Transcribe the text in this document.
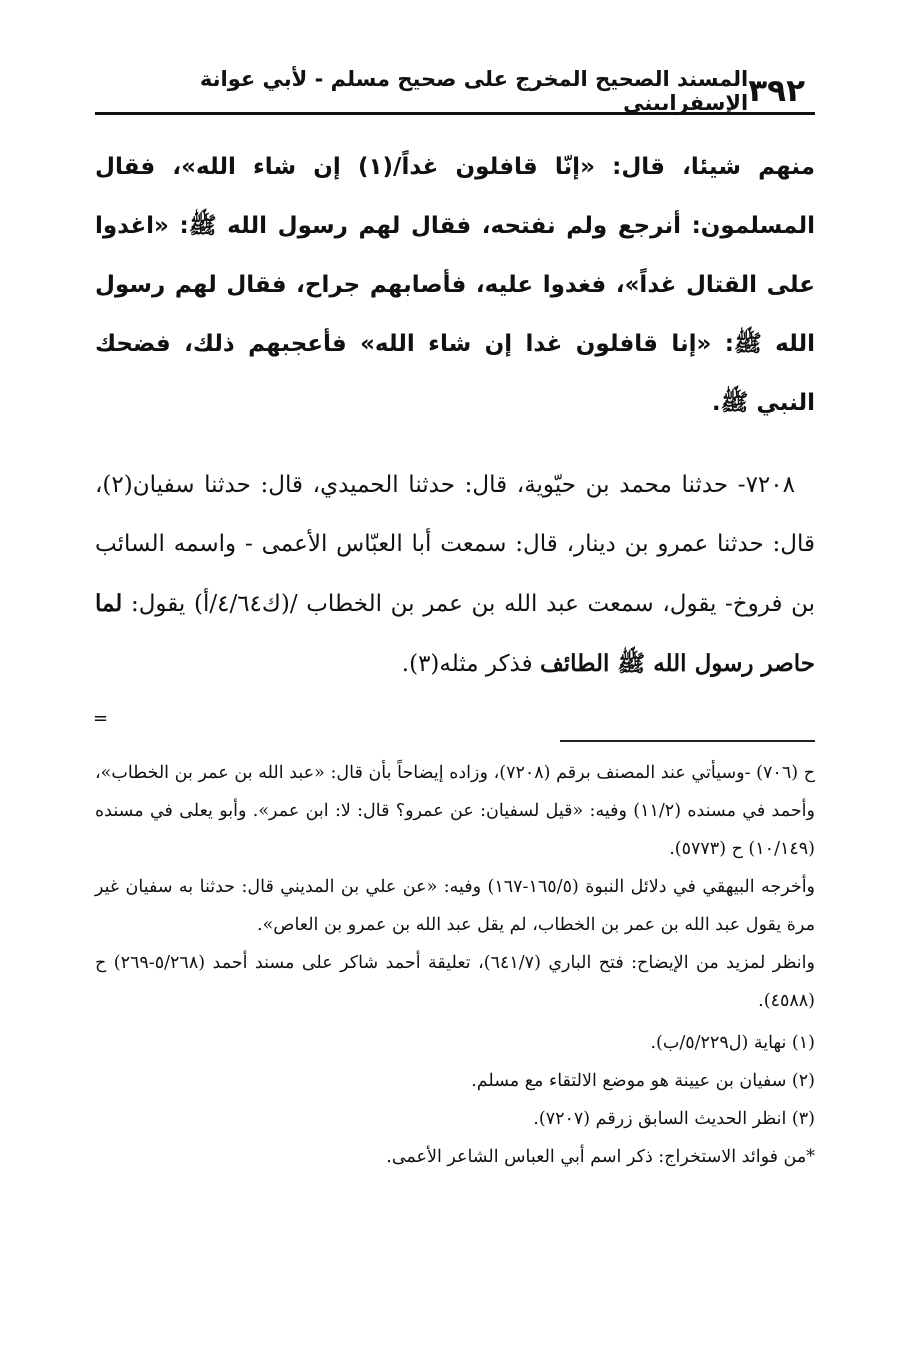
٣٩٢
المسند الصحيح المخرج على صحيح مسلم - لأبي عوانة الإسفراييني

منهم شيئا، قال: «إنّا قافلون غداً/(١) إن شاء الله»، فقال المسلمون: أنرجع ولم نفتحه، فقال لهم رسول الله ﷺ: «اغدوا على القتال غداً»، فغدوا عليه، فأصابهم جراح، فقال لهم رسول الله ﷺ: «إنا قافلون غدا إن شاء الله» فأعجبهم ذلك، فضحك النبي ﷺ.

٧٢٠٨- حدثنا محمد بن حيّوية، قال: حدثنا الحميدي، قال: حدثنا سفيان(٢)، قال: حدثنا عمرو بن دينار، قال: سمعت أبا العبّاس الأعمى - واسمه السائب بن فروخ- يقول، سمعت عبد الله بن عمر بن الخطاب /(ك٤/٦٤/أ) يقول: لما حاصر رسول الله ﷺ الطائف فذكر مثله(٣).

=

ح (٧٠٦) -وسيأتي عند المصنف برقم (٧٢٠٨)، وزاده إيضاحاً بأن قال: «عبد الله بن عمر بن الخطاب»، وأحمد في مسنده (١١/٢) وفيه: «قيل لسفيان: عن عمرو؟ قال: لا: ابن عمر». وأبو يعلى في مسنده (١٠/١٤٩) ح (٥٧٧٣).

وأخرجه البيهقي في دلائل النبوة (١٦٥/٥-١٦٧) وفيه: «عن علي بن المديني قال: حدثنا به سفيان غير مرة يقول عبد الله بن عمر بن الخطاب، لم يقل عبد الله بن عمرو بن العاص».

وانظر لمزيد من الإيضاح: فتح الباري (٦٤١/٧)، تعليقة أحمد شاكر على مسند أحمد (٥/٢٦٨-٢٦٩) ح (٤٥٨٨).

(١) نهاية (ل٥/٢٢٩/ب).

(٢) سفيان بن عيينة هو موضع الالتقاء مع مسلم.

(٣) انظر الحديث السابق زرقم (٧٢٠٧).

*من فوائد الاستخراج: ذكر اسم أبي العباس الشاعر الأعمى.
